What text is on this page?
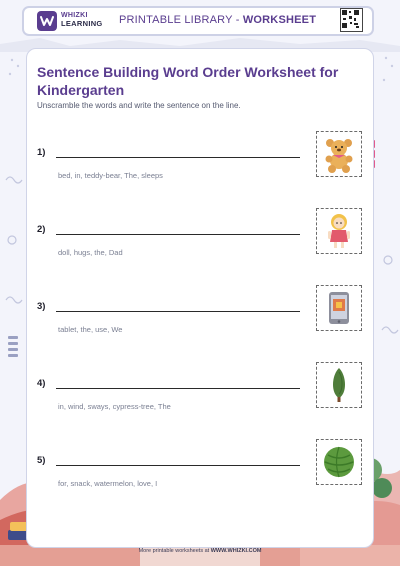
WHIZKI
LEARNING PRINTABLE LIBRARY - WORKSHEET
Sentence Building Word Order Worksheet for Kindergarten
Unscramble the words and write the sentence on the line.
1)
bed, in, teddy-bear, The, sleeps
2)
doll, hugs, the, Dad
3)
tablet, the, use, We
4)
in, wind, sways, cypress-tree, The
5)
for, snack, watermelon, love, I
More printable worksheets at WWW.WHIZKI.COM
